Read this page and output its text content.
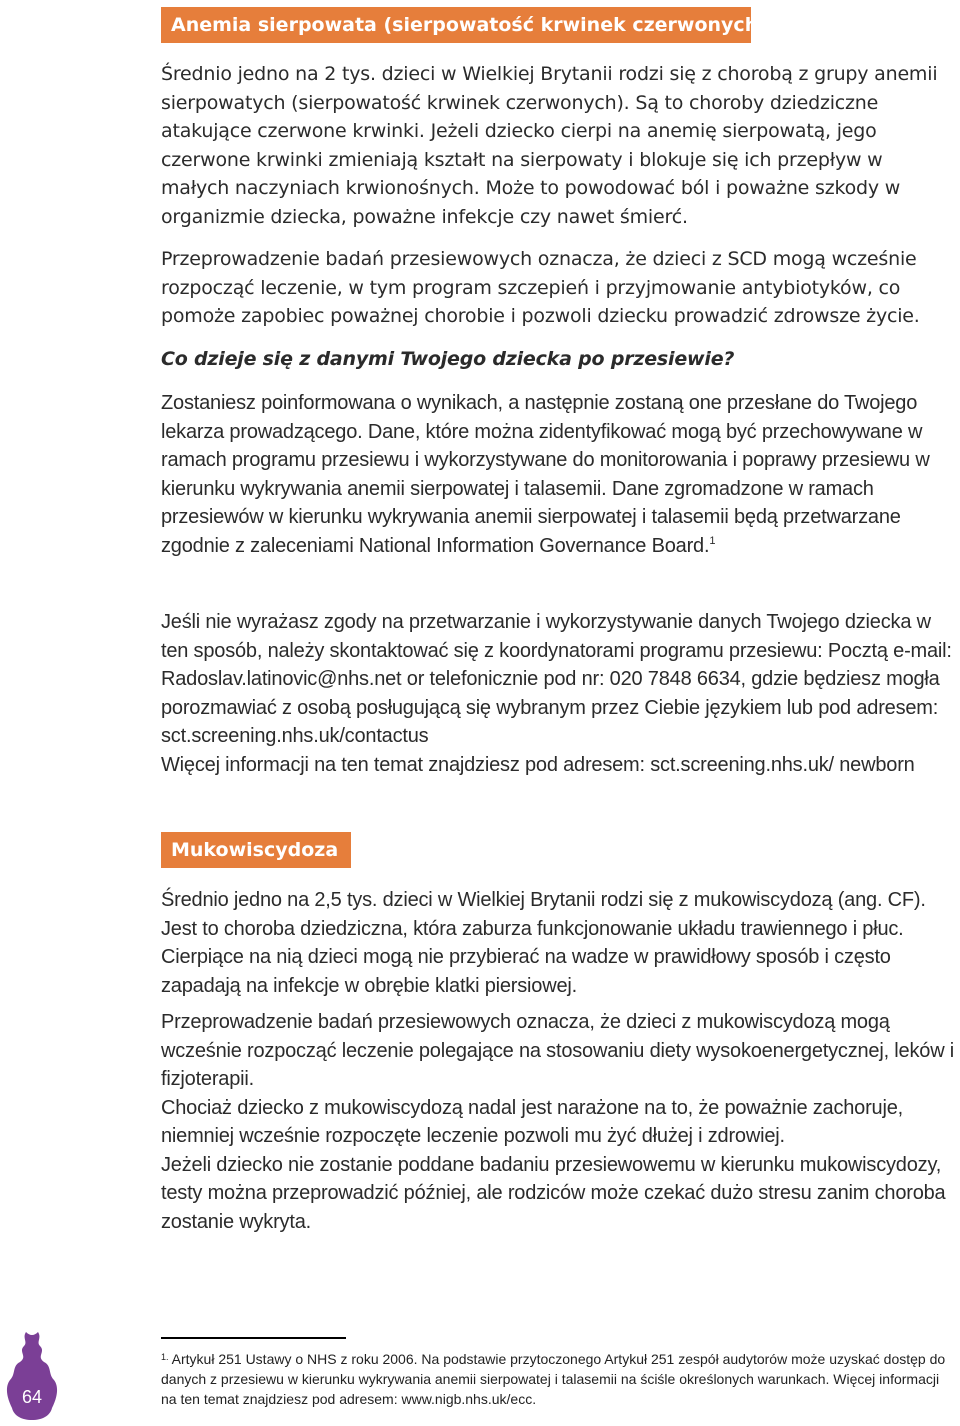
Anemia sierpowata (sierpowatość krwinek czerwonych)

Średnio jedno na 2 tys. dzieci w Wielkiej Brytanii rodzi się z chorobą z grupy anemii sierpowatych (sierpowatość krwinek czerwonych). Są to choroby dziedziczne atakujące czerwone krwinki. Jeżeli dziecko cierpi na anemię sierpowatą, jego czerwone krwinki zmieniają kształt na sierpowaty i blokuje się ich przepływ w małych naczyniach krwionośnych. Może to powodować ból i poważne szkody w organizmie dziecka, poważne infekcje czy nawet śmierć.

Przeprowadzenie badań przesiewowych oznacza, że dzieci z SCD mogą wcześnie rozpocząć leczenie, w tym program szczepień i przyjmowanie antybiotyków, co pomoże zapobiec poważnej chorobie i pozwoli dziecku prowadzić zdrowsze życie.

Co dzieje się z danymi Twojego dziecka po przesiewie?

Zostaniesz poinformowana o wynikach, a następnie zostaną one przesłane do Twojego lekarza prowadzącego. Dane, które można zidentyfikować mogą być przechowywane w ramach programu przesiewu i wykorzystywane do monitorowania i poprawy przesiewu w kierunku wykrywania anemii sierpowatej i talasemii. Dane zgromadzone w ramach przesiewów w kierunku wykrywania anemii sierpowatej i talasemii będą przetwarzane zgodnie z zaleceniami National Information Governance Board.$^1$

Jeśli nie wyrażasz zgody na przetwarzanie i wykorzystywanie danych Twojego dziecka w ten sposób, należy skontaktować się z koordynatorami programu przesiewu: Pocztą e-mail: Radoslav.latinovic@nhs.net or telefonicznie pod nr: 020 7848 6634, gdzie będziesz mogła porozmawiać z osobą posługującą się wybranym przez Ciebie językiem lub pod adresem: sct.screening.nhs.uk/contactus

Więcej informacji na ten temat znajdziesz pod adresem: sct.screening.nhs.uk/ newborn

Mukowiscydoza

Średnio jedno na 2,5 tys. dzieci w Wielkiej Brytanii rodzi się z mukowiscydozą (ang. CF). Jest to choroba dziedziczna, która zaburza funkcjonowanie układu trawiennego i płuc. Cierpiące na nią dzieci mogą nie przybierać na wadze w prawidłowy sposób i często zapadają na infekcje w obrębie klatki piersiowej.

Przeprowadzenie badań przesiewowych oznacza, że dzieci z mukowiscydozą mogą wcześnie rozpocząć leczenie polegające na stosowaniu diety wysokoenergetycznej, leków i fizjoterapii.

Chociaż dziecko z mukowiscydozą nadal jest narażone na to, że poważnie zachoruje, niemniej wcześnie rozpoczęte leczenie pozwoli mu żyć dłużej i zdrowiej.

Jeżeli dziecko nie zostanie poddane badaniu przesiewowemu w kierunku mukowiscydozy, testy można przeprowadzić później, ale rodziców może czekać dużo stresu zanim choroba zostanie wykryta.

$^{1.}$ Artykuł 251 Ustawy o NHS z roku 2006. Na podstawie przytoczonego Artykuł 251 zespół audytorów może uzyskać dostęp do danych z przesiewu w kierunku wykrywania anemii sierpowatej i talasemii na ściśle określonych warunkach. Więcej informacji na ten temat znajdziesz pod adresem: www.nigb.nhs.uk/ecc.
64
